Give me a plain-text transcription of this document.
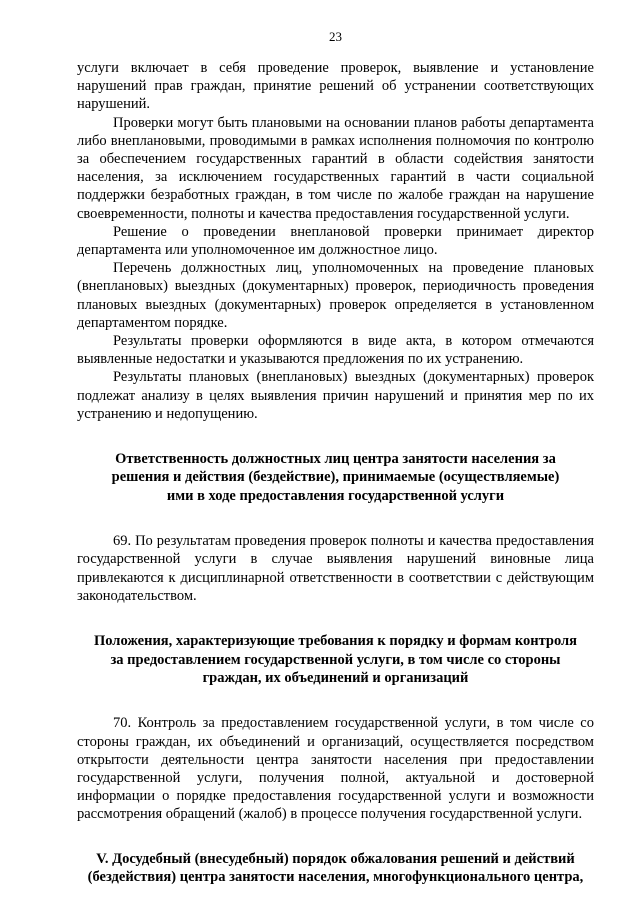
23

услуги включает в себя проведение проверок, выявление и установление нарушений прав граждан, принятие решений об устранении соответствующих нарушений.

Проверки могут быть плановыми на основании планов работы департамента либо внеплановыми, проводимыми в рамках исполнения полномочия по контролю за обеспечением государственных гарантий в области содействия занятости населения, за исключением государственных гарантий в части социальной поддержки безработных граждан, в том числе по жалобе граждан на нарушение своевременности, полноты и качества предоставления государственной услуги.

Решение о проведении внеплановой проверки принимает директор департамента или уполномоченное им должностное лицо.

Перечень должностных лиц, уполномоченных на проведение плановых (внеплановых) выездных (документарных) проверок, периодичность проведения плановых выездных (документарных) проверок определяется в установленном департаментом порядке.

Результаты проверки оформляются в виде акта, в котором отмечаются выявленные недостатки и указываются предложения по их устранению.

Результаты плановых (внеплановых) выездных (документарных) проверок подлежат анализу в целях выявления причин нарушений и принятия мер по их устранению и недопущению.

Ответственность должностных лиц центра занятости населения за
решения и действия (бездействие), принимаемые (осуществляемые)
ими в ходе предоставления государственной услуги

69. По результатам проведения проверок полноты и качества предоставления государственной услуги в случае выявления нарушений виновные лица привлекаются к дисциплинарной ответственности в соответствии с действующим законодательством.

Положения, характеризующие требования к порядку и формам контроля
за предоставлением государственной услуги, в том числе со стороны
граждан, их объединений и организаций

70. Контроль за предоставлением государственной услуги, в том числе со стороны граждан, их объединений и организаций, осуществляется посредством открытости деятельности центра занятости населения при предоставлении государственной услуги, получения полной, актуальной и достоверной информации о порядке предоставления государственной услуги и возможности рассмотрения обращений (жалоб) в процессе получения государственной услуги.

V. Досудебный (внесудебный) порядок обжалования решений и действий
(бездействия) центра занятости населения, многофункционального центра,
